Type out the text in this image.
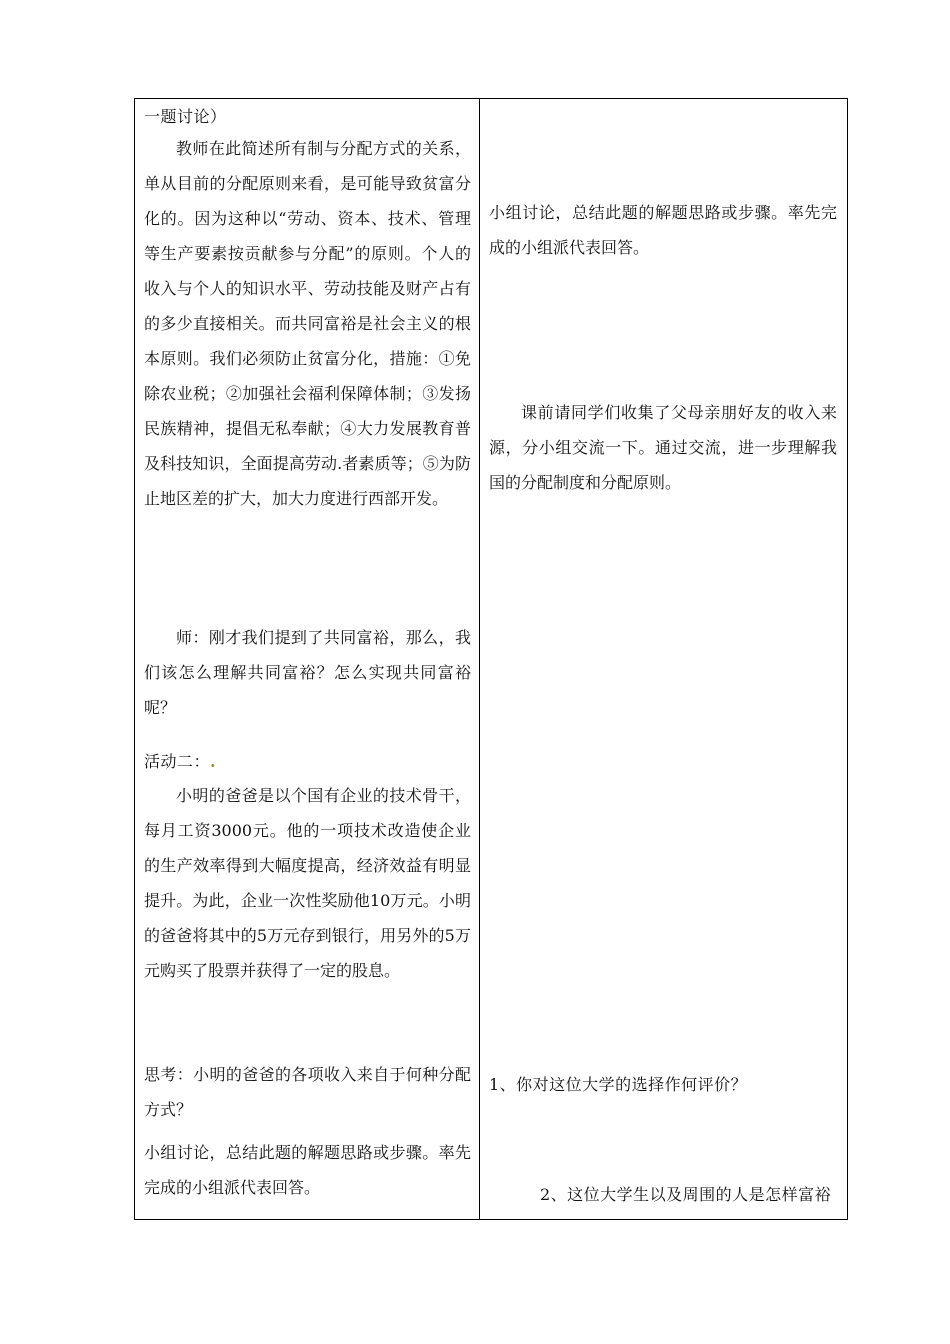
一题讨论）
教师在此简述所有制与分配方式的关系，单从目前的分配原则来看，是可能导致贫富分化的。因为这种以“劳动、资本、技术、管理等生产要素按贡献参与分配”的原则。个人的收入与个人的知识水平、劳动技能及财产占有的多少直接相关。而共同富裕是社会主义的根本原则。我们必须防止贫富分化，措施：①免除农业税；②加强社会福利保障体制；③发扬民族精神，提倡无私奉献；④大力发展教育普及科技知识，全面提高劳动.者素质等；⑤为防止地区差的扩大，加大力度进行西部开发。
师：刚才我们提到了共同富裕，那么，我们该怎么理解共同富裕？怎么实现共同富裕呢？
活动二：.
小明的爸爸是以个国有企业的技术骨干，每月工资3000元。他的一项技术改造使企业的生产效率得到大幅度提高，经济效益有明显提升。为此，企业一次性奖励他10万元。小明的爸爸将其中的5万元存到银行，用另外的5万元购买了股票并获得了一定的股息。
思考：小明的爸爸的各项收入来自于何种分配方式？
小组讨论，总结此题的解题思路或步骤。率先完成的小组派代表回答。
小组讨论，总结此题的解题思路或步骤。率先完成的小组派代表回答。
课前请同学们收集了父母亲朋好友的收入来源，分小组交流一下。通过交流，进一步理解我国的分配制度和分配原则。
1、你对这位大学的选择作何评价？
2、这位大学生以及周围的人是怎样富裕
